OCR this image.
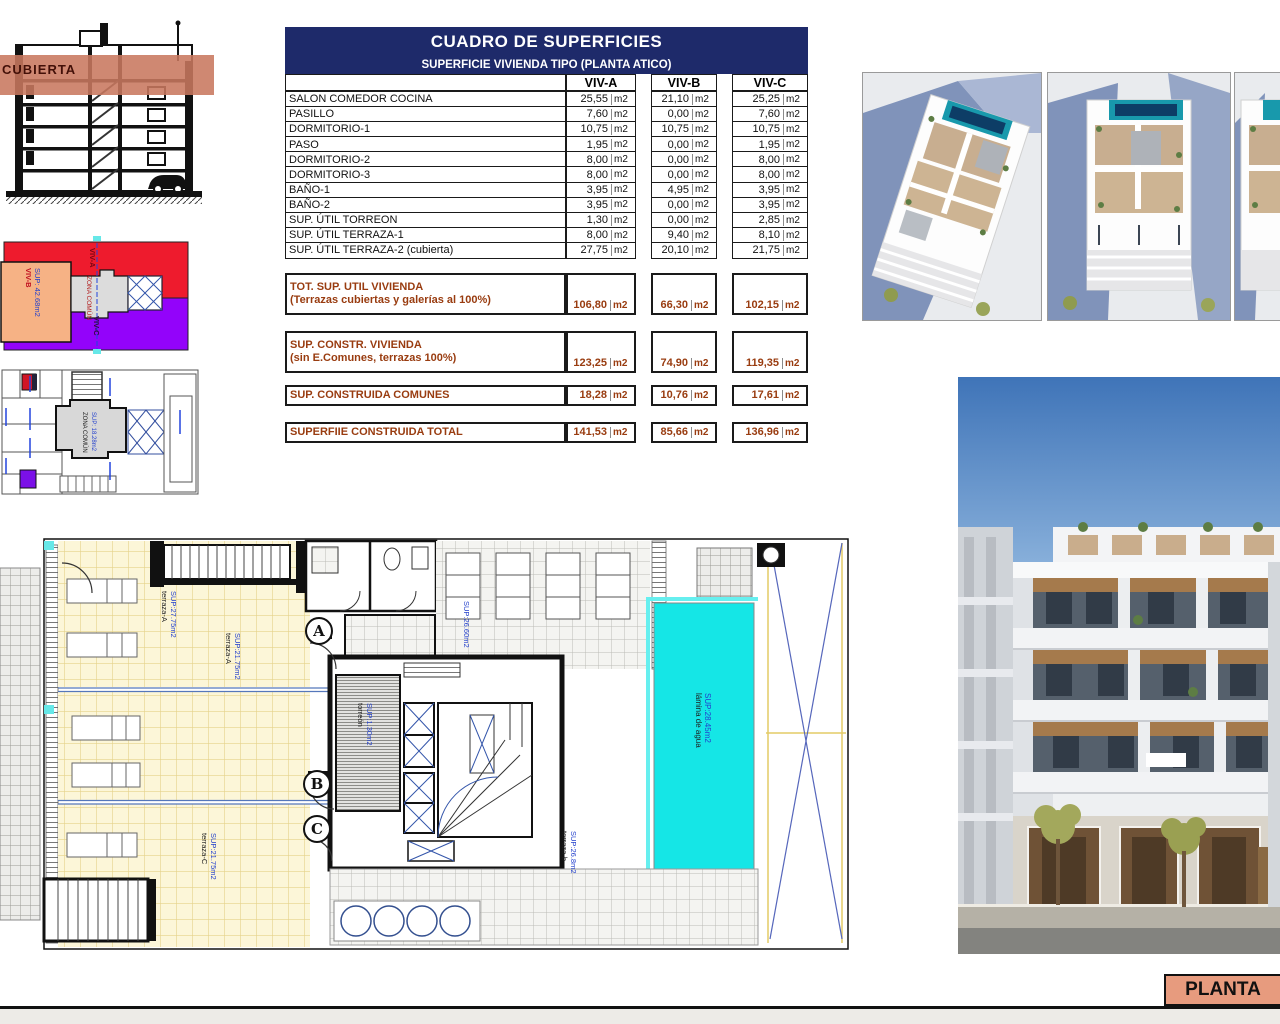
CUBIERTA
VIV-A
VIV-B SUP: 42.68m2	ZONA COMÚN
VIV-C
ZONA COMÚN SUP: 18.28m2
CUADRO DE SUPERFICIES
SUPERFICIE VIVIENDA TIPO (PLANTA ATICO)
VIV-A	VIV-B	VIV-C
SALON COMEDOR COCINA	25,55 m2	21,10 m2	25,25 m2
PASILLO	7,60 m2	0,00 m2	7,60 m2
DORMITORIO-1	10,75 m2	10,75 m2	10,75 m2
PASO	1,95 m2	0,00 m2	1,95 m2
DORMITORIO-2	8,00 m2	0,00 m2	8,00 m2
DORMITORIO-3	8,00 m2	0,00 m2	8,00 m2
BAÑO-1	3,95 m2	4,95 m2	3,95 m2
BAÑO-2	3,95 m2	0,00 m2	3,95 m2
SUP. ÚTIL TORREON	1,30 m2	0,00 m2	2,85 m2
SUP. ÚTIL TERRAZA-1	8,00 m2	9,40 m2	8,10 m2
SUP. ÚTIL TERRAZA-2 (cubierta)	27,75 m2	20,10 m2	21,75 m2
TOT. SUP. UTIL VIVIENDA
(Terrazas cubiertas y galerías al 100%)	106,80 m2	66,30 m2	102,15 m2
SUP. CONSTR. VIVIENDA
(sin E.Comunes, terrazas 100%)	123,25 m2	74,90 m2	119,35 m2
SUP. CONSTRUIDA COMUNES	18,28 m2	10,76 m2	17,61 m2
SUPERFIIE CONSTRUIDA TOTAL	141,53 m2	85,66 m2	136,96 m2
terraza-A SUP:27.75m2
terraza-A SUP:21.75m2
terraza-C SUP:21.75m2
SUP:26.60m2
terraza-b SUP:26.8m2
torreón SUP:1.30m2	lámina de agua SUP:28.45m2
A
B
C
PLANTA
